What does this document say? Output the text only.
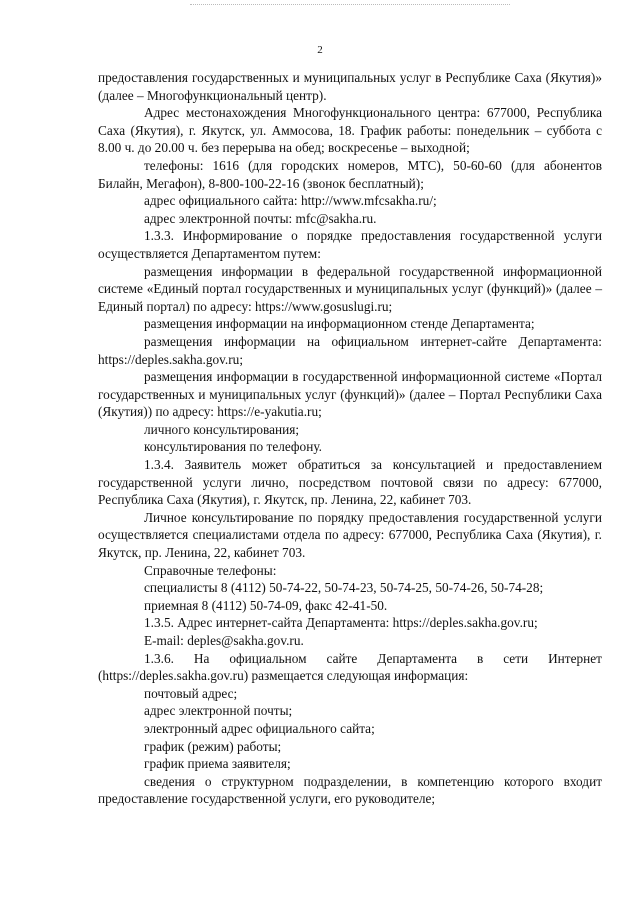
2

предоставления государственных и муниципальных услуг в Республике Саха (Якутия)» (далее – Многофункциональный центр).

Адрес местонахождения Многофункционального центра: 677000, Республика Саха (Якутия), г. Якутск, ул. Аммосова, 18. График работы: понедельник – суббота с 8.00 ч. до 20.00 ч. без перерыва на обед; воскресенье – выходной;

телефоны: 1616 (для городских номеров, МТС), 50-60-60 (для абонентов Билайн, Мегафон), 8-800-100-22-16 (звонок бесплатный);

адрес официального сайта: http://www.mfcsakha.ru/;

адрес электронной почты: mfc@sakha.ru.

1.3.3. Информирование о порядке предоставления государственной услуги осуществляется Департаментом путем:

размещения информации в федеральной государственной информационной системе «Единый портал государственных и муниципальных услуг (функций)» (далее – Единый портал) по адресу: https://www.gosuslugi.ru;

размещения информации на информационном стенде Департамента;

размещения информации на официальном интернет-сайте Департамента: https://deples.sakha.gov.ru;

размещения информации в государственной информационной системе «Портал государственных и муниципальных услуг (функций)» (далее – Портал Республики Саха (Якутия)) по адресу: https://e-yakutia.ru;

личного консультирования;

консультирования по телефону.

1.3.4. Заявитель может обратиться за консультацией и предоставлением государственной услуги лично, посредством почтовой связи по адресу: 677000, Республика Саха (Якутия), г. Якутск, пр. Ленина, 22, кабинет 703.

Личное консультирование по порядку предоставления государственной услуги осуществляется специалистами отдела по адресу: 677000, Республика Саха (Якутия), г. Якутск, пр. Ленина, 22, кабинет 703.

Справочные телефоны:

специалисты 8 (4112) 50-74-22, 50-74-23, 50-74-25, 50-74-26, 50-74-28;

приемная 8 (4112) 50-74-09, факс 42-41-50.

1.3.5. Адрес интернет-сайта Департамента: https://deples.sakha.gov.ru;

E-mail: deples@sakha.gov.ru.

1.3.6. На официальном сайте Департамента в сети Интернет (https://deples.sakha.gov.ru) размещается следующая информация:

почтовый адрес;

адрес электронной почты;

электронный адрес официального сайта;

график (режим) работы;

график приема заявителя;

сведения о структурном подразделении, в компетенцию которого входит предоставление государственной услуги, его руководителе;
